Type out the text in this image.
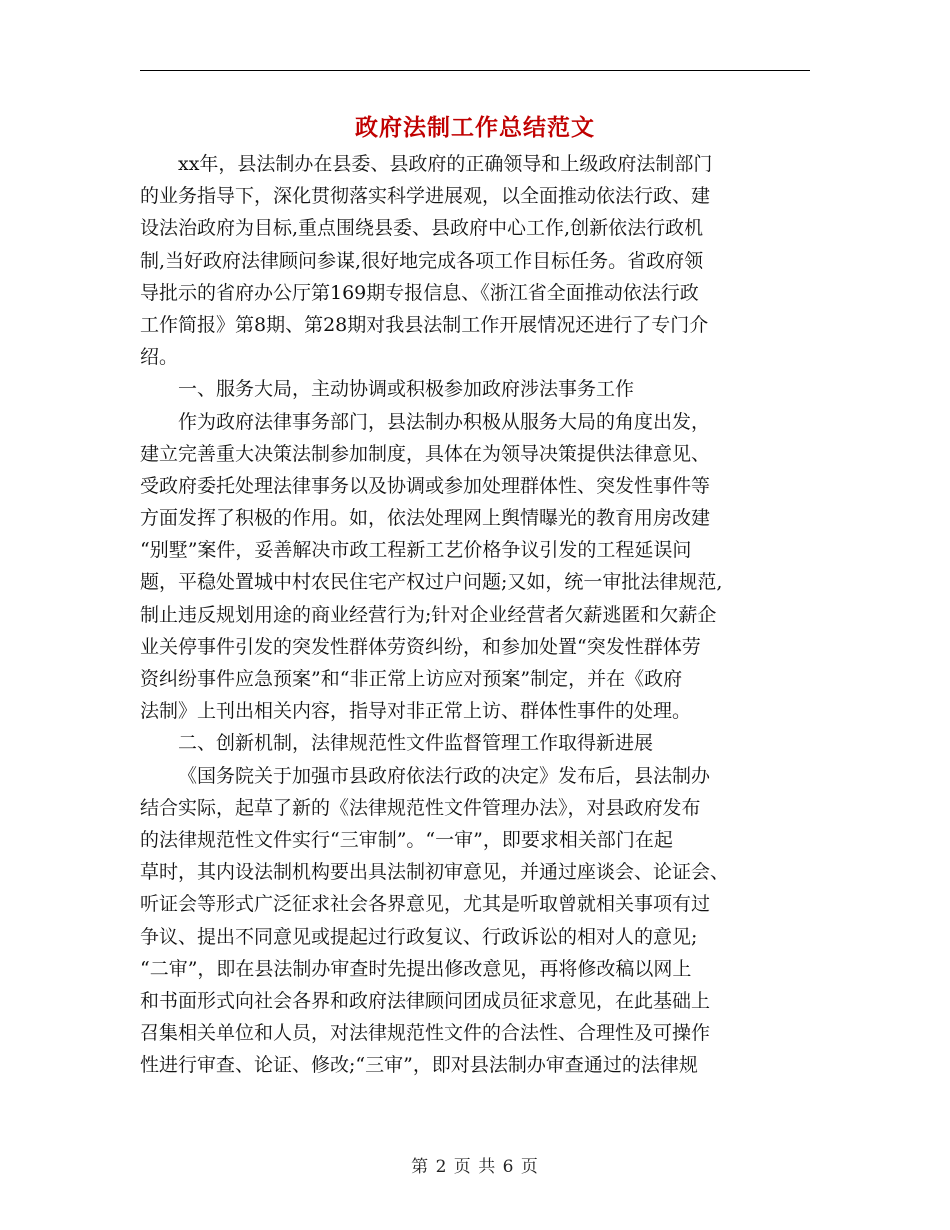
政府法制工作总结范文
xx年，县法制办在县委、县政府的正确领导和上级政府法制部门
的业务指导下，深化贯彻落实科学进展观，以全面推动依法行政、建
设法治政府为目标,重点围绕县委、县政府中心工作,创新依法行政机
制,当好政府法律顾问参谋,很好地完成各项工作目标任务。省政府领
导批示的省府办公厅第169期专报信息、《浙江省全面推动依法行政
工作简报》第8期、第28期对我县法制工作开展情况还进行了专门介
绍。
一、服务大局，主动协调或积极参加政府涉法事务工作
作为政府法律事务部门，县法制办积极从服务大局的角度出发，
建立完善重大决策法制参加制度，具体在为领导决策提供法律意见、
受政府委托处理法律事务以及协调或参加处理群体性、突发性事件等
方面发挥了积极的作用。如，依法处理网上舆情曝光的教育用房改建
“别墅”案件，妥善解决市政工程新工艺价格争议引发的工程延误问
题，平稳处置城中村农民住宅产权过户问题;又如，统一审批法律规范,
制止违反规划用途的商业经营行为;针对企业经营者欠薪逃匿和欠薪企
业关停事件引发的突发性群体劳资纠纷，和参加处置“突发性群体劳
资纠纷事件应急预案”和“非正常上访应对预案”制定，并在《政府
法制》上刊出相关内容，指导对非正常上访、群体性事件的处理。
二、创新机制，法律规范性文件监督管理工作取得新进展
《国务院关于加强市县政府依法行政的决定》发布后，县法制办
结合实际，起草了新的《法律规范性文件管理办法》，对县政府发布
的法律规范性文件实行“三审制”。“一审”，即要求相关部门在起
草时，其内设法制机构要出具法制初审意见，并通过座谈会、论证会、
听证会等形式广泛征求社会各界意见，尤其是听取曾就相关事项有过
争议、提出不同意见或提起过行政复议、行政诉讼的相对人的意见;
“二审”，即在县法制办审查时先提出修改意见，再将修改稿以网上
和书面形式向社会各界和政府法律顾问团成员征求意见，在此基础上
召集相关单位和人员，对法律规范性文件的合法性、合理性及可操作
性进行审查、论证、修改;“三审”，即对县法制办审查通过的法律规
第 2 页 共 6 页
